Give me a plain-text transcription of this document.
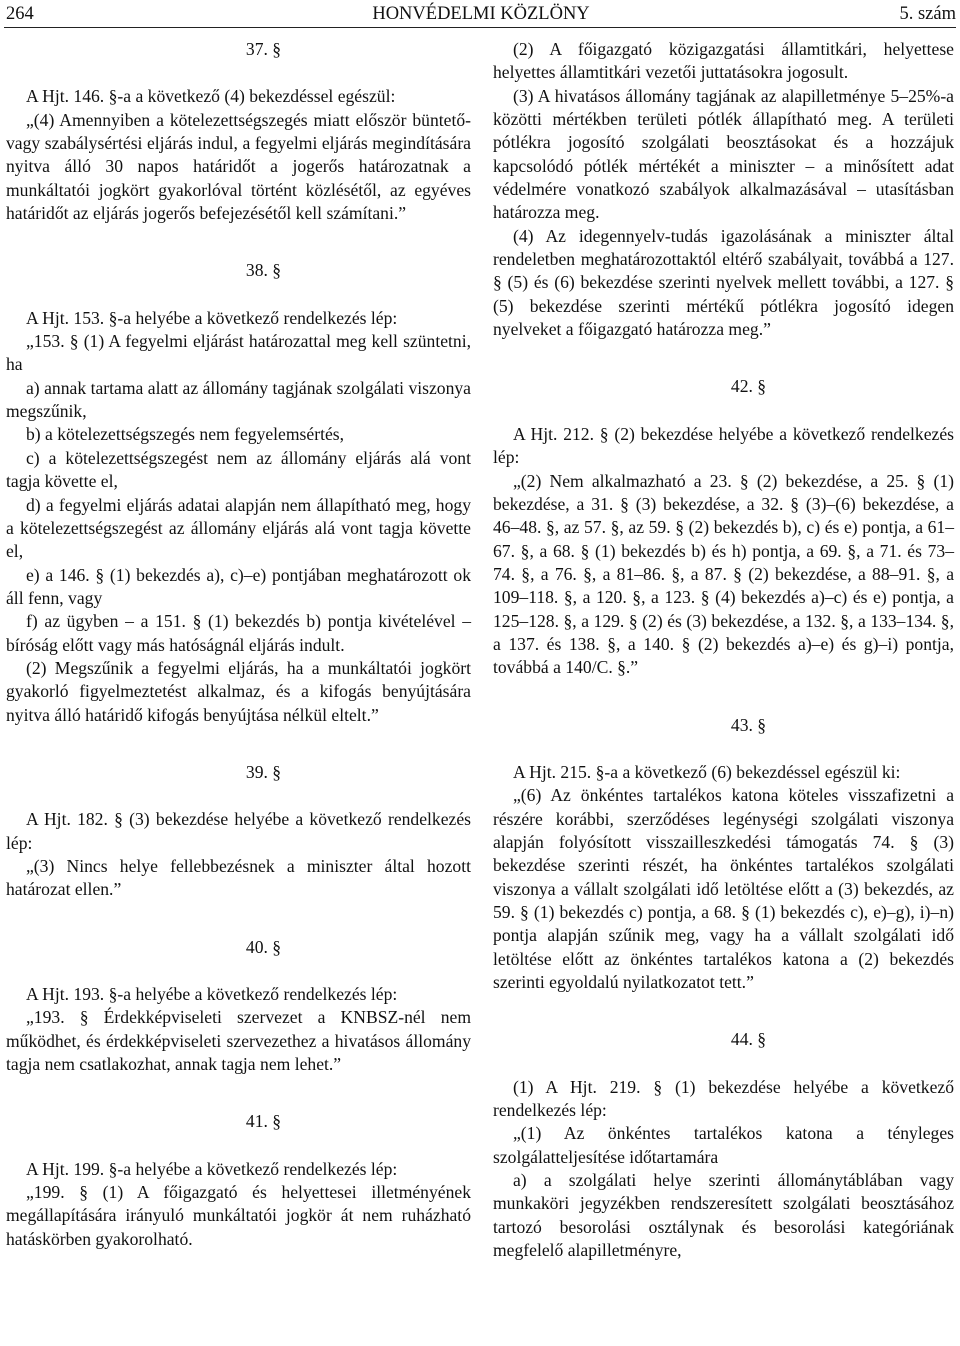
264	HONVÉDELMI KÖZLÖNY	5. szám

37. §

A Hjt. 146. §-a a következő (4) bekezdéssel egészül:

„(4) Amennyiben a kötelezettségszegés miatt először büntető- vagy szabálysértési eljárás indul, a fegyelmi eljárás megindítására nyitva álló 30 napos határidőt a jogerős határozatnak a munkáltatói jogkört gyakorlóval történt közlésétől, az egyéves határidőt az eljárás jogerős befejezésétől kell számítani.”

38. §

A Hjt. 153. §-a helyébe a következő rendelkezés lép:

„153. § (1) A fegyelmi eljárást határozattal meg kell szüntetni, ha

a) annak tartama alatt az állomány tagjának szolgálati viszonya megszűnik,

b) a kötelezettségszegés nem fegyelemsértés,

c) a kötelezettségszegést nem az állomány eljárás alá vont tagja követte el,

d) a fegyelmi eljárás adatai alapján nem állapítható meg, hogy a kötelezettségszegést az állomány eljárás alá vont tagja követte el,

e) a 146. § (1) bekezdés a), c)–e) pontjában meghatározott ok áll fenn, vagy

f) az ügyben – a 151. § (1) bekezdés b) pontja kivételével – bíróság előtt vagy más hatóságnál eljárás indult.

(2) Megszűnik a fegyelmi eljárás, ha a munkáltatói jogkört gyakorló figyelmeztetést alkalmaz, és a kifogás benyújtására nyitva álló határidő kifogás benyújtása nélkül eltelt.”

39. §

A Hjt. 182. § (3) bekezdése helyébe a következő rendelkezés lép:

„(3) Nincs helye fellebbezésnek a miniszter által hozott határozat ellen.”

40. §

A Hjt. 193. §-a helyébe a következő rendelkezés lép:

„193. § Érdekképviseleti szervezet a KNBSZ-nél nem működhet, és érdekképviseleti szervezethez a hivatásos állomány tagja nem csatlakozhat, annak tagja nem lehet.”

41. §

A Hjt. 199. §-a helyébe a következő rendelkezés lép:

„199. § (1) A főigazgató és helyettesei illetményének megállapítására irányuló munkáltatói jogkör át nem ruházható hatáskörben gyakorolható.

(2) A főigazgató közigazgatási államtitkári, helyettese helyettes államtitkári vezetői juttatásokra jogosult.

(3) A hivatásos állomány tagjának az alapilletménye 5–25%-a közötti mértékben területi pótlék állapítható meg. A területi pótlékra jogosító szolgálati beosztásokat és a hozzájuk kapcsolódó pótlék mértékét a miniszter – a minősített adat védelmére vonatkozó szabályok alkalmazásával – utasításban határozza meg.

(4) Az idegennyelv-tudás igazolásának a miniszter által rendeletben meghatározottaktól eltérő szabályait, továbbá a 127. § (5) és (6) bekezdése szerinti nyelvek mellett további, a 127. § (5) bekezdése szerinti mértékű pótlékra jogosító idegen nyelveket a főigazgató határozza meg.”

42. §

A Hjt. 212. § (2) bekezdése helyébe a következő rendelkezés lép:

„(2) Nem alkalmazható a 23. § (2) bekezdése, a 25. § (1) bekezdése, a 31. § (3) bekezdése, a 32. § (3)–(6) bekezdése, a 46–48. §, az 57. §, az 59. § (2) bekezdés b), c) és e) pontja, a 61–67. §, a 68. § (1) bekezdés b) és h) pontja, a 69. §, a 71. és 73–74. §, a 76. §, a 81–86. §, a 87. § (2) bekezdése, a 88–91. §, a 109–118. §, a 120. §, a 123. § (4) bekezdés a)–c) és e) pontja, a 125–128. §, a 129. § (2) és (3) bekezdése, a 132. §, a 133–134. §, a 137. és 138. §, a 140. § (2) bekezdés a)–e) és g)–i) pontja, továbbá a 140/C. §.”

43. §

A Hjt. 215. §-a a következő (6) bekezdéssel egészül ki:

„(6) Az önkéntes tartalékos katona köteles visszafizetni a részére korábbi, szerződéses legénységi szolgálati viszonya alapján folyósított visszailleszkedési támogatás 74. § (3) bekezdése szerinti részét, ha önkéntes tartalékos szolgálati viszonya a vállalt szolgálati idő letöltése előtt a (3) bekezdés, az 59. § (1) bekezdés c) pontja, a 68. § (1) bekezdés c), e)–g), i)–n) pontja alapján szűnik meg, vagy ha a vállalt szolgálati idő letöltése előtt az önkéntes tartalékos katona a (2) bekezdés szerinti egyoldalú nyilatkozatot tett.”

44. §

(1) A Hjt. 219. § (1) bekezdése helyébe a következő rendelkezés lép:

„(1) Az önkéntes tartalékos katona a tényleges szolgálatteljesítése időtartamára

a) a szolgálati helye szerinti állománytáblában vagy munkaköri jegyzékben rendszeresített szolgálati beosztásához tartozó besorolási osztálynak és besorolási kategóriának megfelelő alapilletményre,
